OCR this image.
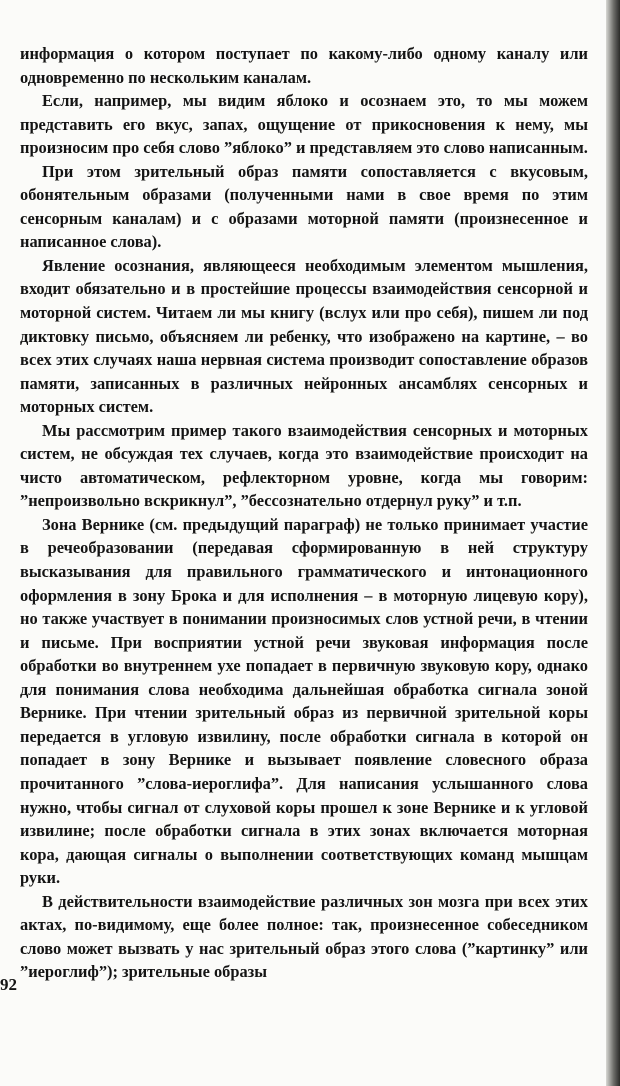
информация о котором поступает по какому-либо одному каналу или одновременно по нескольким каналам.

Если, например, мы видим яблоко и осознаем это, то мы можем представить его вкус, запах, ощущение от прикосновения к нему, мы произносим про себя слово ”яблоко” и представляем это слово написанным.

При этом зрительный образ памяти сопоставляется с вкусовым, обонятельным образами (полученными нами в свое время по этим сенсорным каналам) и с образами моторной памяти (произнесенное и написанное слова).

Явление осознания, являющееся необходимым элементом мышления, входит обязательно и в простейшие процессы взаимодействия сенсорной и моторной систем. Читаем ли мы книгу (вслух или про себя), пишем ли под диктовку письмо, объясняем ли ребенку, что изображено на картине, – во всех этих случаях наша нервная система производит сопоставление образов памяти, записанных в различных нейронных ансамблях сенсорных и моторных систем.

Мы рассмотрим пример такого взаимодействия сенсорных и моторных систем, не обсуждая тех случаев, когда это взаимодействие происходит на чисто автоматическом, рефлекторном уровне, когда мы говорим: ”непроизвольно вскрикнул”, ”бессознательно отдернул руку” и т.п.

Зона Вернике (см. предыдущий параграф) не только принимает участие в речеобразовании (передавая сформированную в ней структуру высказывания для правильного грамматического и интонационного оформления в зону Брока и для исполнения – в моторную лицевую кору), но также участвует в понимании произносимых слов устной речи, в чтении и письме. При восприятии устной речи звуковая информация после обработки во внутреннем ухе попадает в первичную звуковую кору, однако для понимания слова необходима дальнейшая обработка сигнала зоной Вернике. При чтении зрительный образ из первичной зрительной коры передается в угловую извилину, после обработки сигнала в которой он попадает в зону Вернике и вызывает появление словесного образа прочитанного ”слова-иероглифа”. Для написания услышанного слова нужно, чтобы сигнал от слуховой коры прошел к зоне Вернике и к угловой извилине; после обработки сигнала в этих зонах включается моторная кора, дающая сигналы о выполнении соответствующих команд мышцам руки.

В действительности взаимодействие различных зон мозга при всех этих актах, по-видимому, еще более полное: так, произнесенное собеседником слово может вызвать у нас зрительный образ этого слова (”картинку” или ”иероглиф”); зрительные образы

92
